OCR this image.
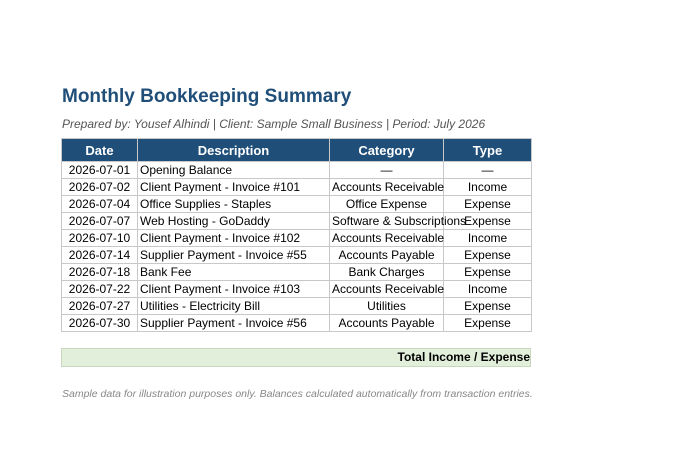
Monthly Bookkeeping Summary
Prepared by: Yousef Alhindi | Client: Sample Small Business | Period: July 2026
Date	Description	Category	Type
2026-07-01	Opening Balance	—	—
2026-07-02	Client Payment - Invoice #101	Accounts Receivable	Income
2026-07-04	Office Supplies - Staples	Office Expense	Expense
2026-07-07	Web Hosting - GoDaddy	Software & Subscriptions	Expense
2026-07-10	Client Payment - Invoice #102	Accounts Receivable	Income
2026-07-14	Supplier Payment - Invoice #55	Accounts Payable	Expense
2026-07-18	Bank Fee	Bank Charges	Expense
2026-07-22	Client Payment - Invoice #103	Accounts Receivable	Income
2026-07-27	Utilities - Electricity Bill	Utilities	Expense
2026-07-30	Supplier Payment - Invoice #56	Accounts Payable	Expense
Total Income / Expense
Sample data for illustration purposes only. Balances calculated automatically from transaction entries.
